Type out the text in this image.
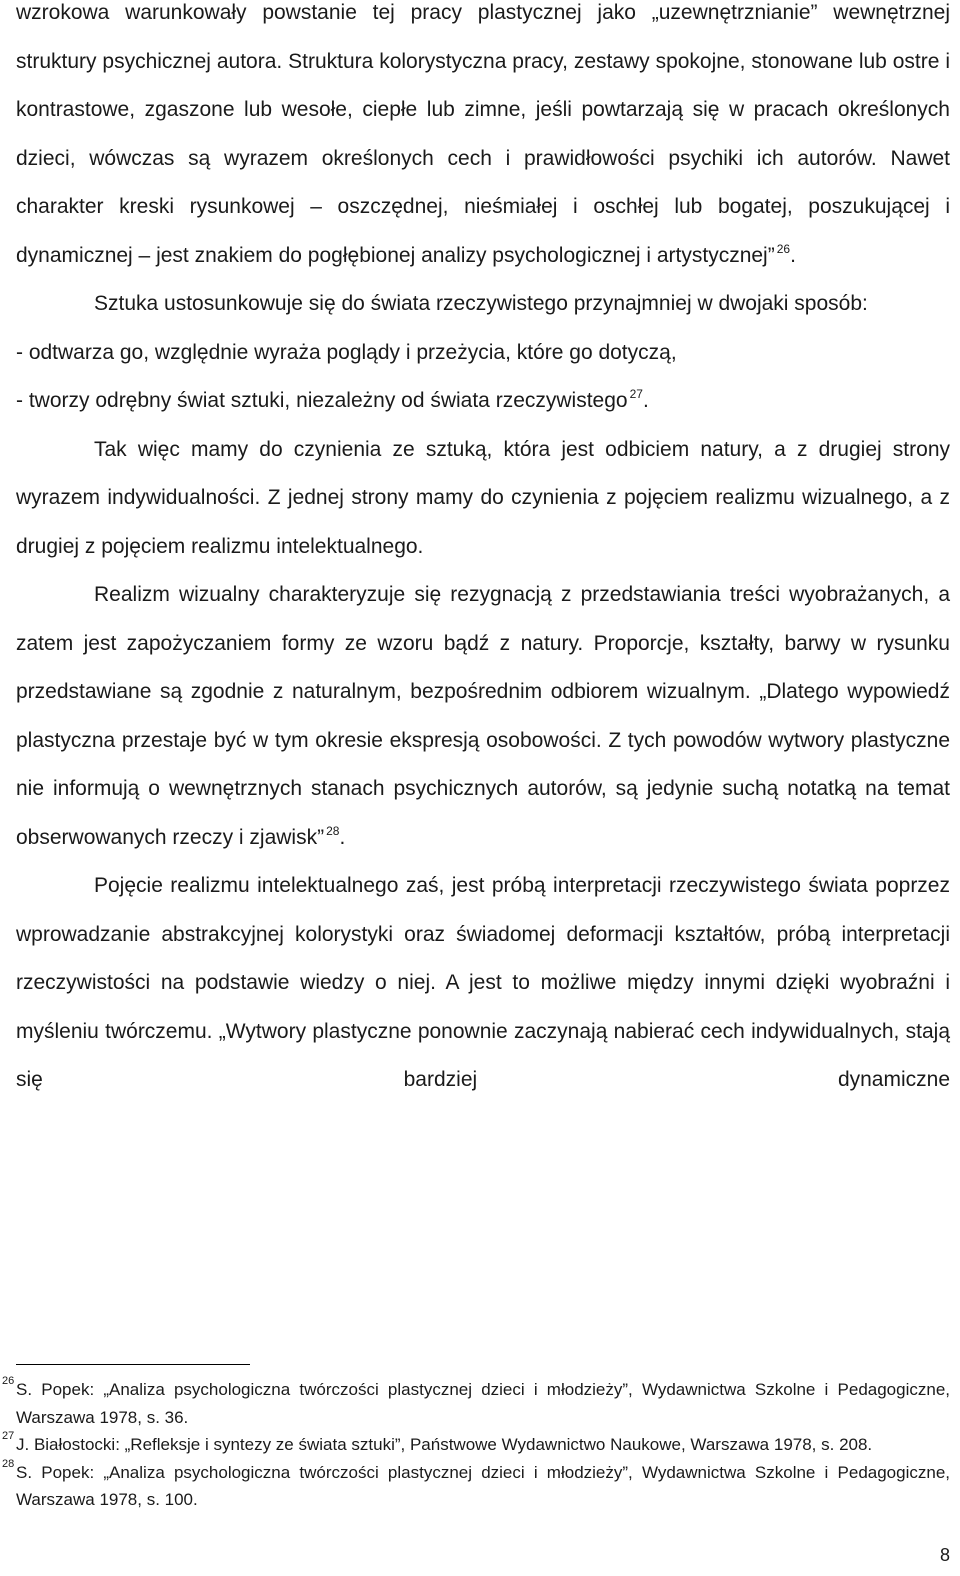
wzrokowa warunkowały powstanie tej pracy plastycznej jako „uzewnętrznianie” wewnętrznej struktury psychicznej autora. Struktura kolorystyczna pracy, zestawy spokojne, stonowane lub ostre i kontrastowe, zgaszone lub wesołe, ciepłe lub zimne, jeśli powtarzają się w pracach określonych dzieci, wówczas są wyrazem określonych cech i prawidłowości psychiki ich autorów. Nawet charakter kreski rysunkowej – oszczędnej, nieśmiałej i oschłej lub bogatej, poszukującej i dynamicznej – jest znakiem do pogłębionej analizy psychologicznej i artystycznej” $^{26}$.

Sztuka ustosunkowuje się do świata rzeczywistego przynajmniej w dwojaki sposób:

- odtwarza go, względnie wyraża poglądy i przeżycia, które go dotyczą,

- tworzy odrębny świat sztuki, niezależny od świata rzeczywistego $^{27}$.

Tak więc mamy do czynienia ze sztuką, która jest odbiciem natury, a z drugiej strony wyrazem indywidualności. Z jednej strony mamy do czynienia z pojęciem realizmu wizualnego, a z drugiej z pojęciem realizmu intelektualnego.

Realizm wizualny charakteryzuje się rezygnacją z przedstawiania treści wyobrażanych, a zatem jest zapożyczaniem formy ze wzoru bądź z natury. Proporcje, kształty, barwy w rysunku przedstawiane są zgodnie z naturalnym, bezpośrednim odbiorem wizualnym. „Dlatego wypowiedź plastyczna przestaje być w tym okresie ekspresją osobowości. Z tych powodów wytwory plastyczne nie informują o wewnętrznych stanach psychicznych autorów, są jedynie suchą notatką na temat obserwowanych rzeczy i zjawisk” $^{28}$.

Pojęcie realizmu intelektualnego zaś, jest próbą interpretacji rzeczywistego świata poprzez wprowadzanie abstrakcyjnej kolorystyki oraz świadomej deformacji kształtów, próbą interpretacji rzeczywistości na podstawie wiedzy o niej. A jest to możliwe między innymi dzięki wyobraźni i myśleniu twórczemu. „Wytwory plastyczne ponownie zaczynają nabierać cech indywidualnych, stają się bardziej dynamiczne

26 S. Popek: „Analiza psychologiczna twórczości plastycznej dzieci i młodzieży”, Wydawnictwa Szkolne i Pedagogiczne, Warszawa 1978, s. 36.

27 J. Białostocki: „Refleksje i syntezy ze świata sztuki”, Państwowe Wydawnictwo Naukowe, Warszawa 1978, s. 208.

28 S. Popek: „Analiza psychologiczna twórczości plastycznej dzieci i młodzieży”, Wydawnictwa Szkolne i Pedagogiczne, Warszawa 1978, s. 100.

8
